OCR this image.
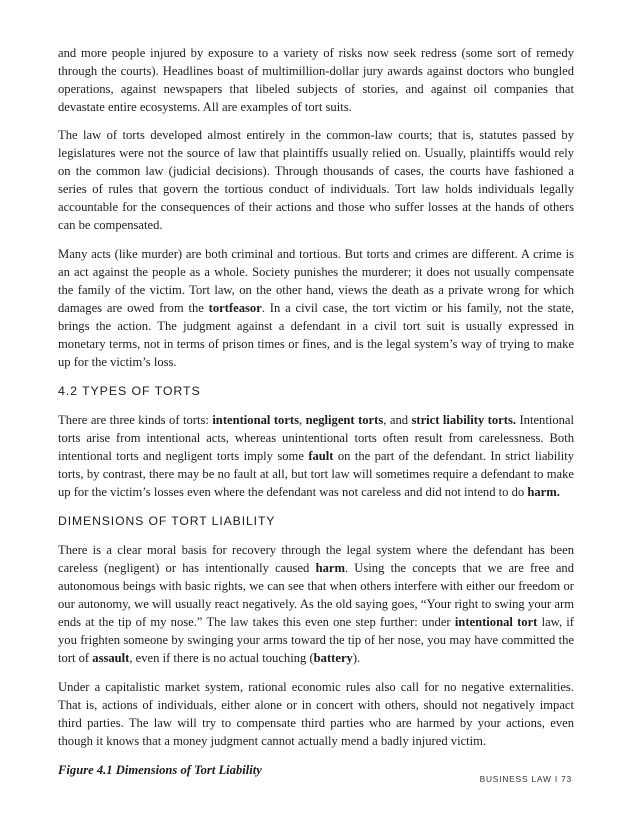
and more people injured by exposure to a variety of risks now seek redress (some sort of remedy through the courts). Headlines boast of multimillion-dollar jury awards against doctors who bungled operations, against newspapers that libeled subjects of stories, and against oil companies that devastate entire ecosystems. All are examples of tort suits.

The law of torts developed almost entirely in the common-law courts; that is, statutes passed by legislatures were not the source of law that plaintiffs usually relied on. Usually, plaintiffs would rely on the common law (judicial decisions). Through thousands of cases, the courts have fashioned a series of rules that govern the tortious conduct of individuals. Tort law holds individuals legally accountable for the consequences of their actions and those who suffer losses at the hands of others can be compensated.

Many acts (like murder) are both criminal and tortious. But torts and crimes are different. A crime is an act against the people as a whole. Society punishes the murderer; it does not usually compensate the family of the victim. Tort law, on the other hand, views the death as a private wrong for which damages are owed from the tortfeasor. In a civil case, the tort victim or his family, not the state, brings the action. The judgment against a defendant in a civil tort suit is usually expressed in monetary terms, not in terms of prison times or fines, and is the legal system’s way of trying to make up for the victim’s loss.

4.2 TYPES OF TORTS

There are three kinds of torts: intentional torts, negligent torts, and strict liability torts. Intentional torts arise from intentional acts, whereas unintentional torts often result from carelessness. Both intentional torts and negligent torts imply some fault on the part of the defendant. In strict liability torts, by contrast, there may be no fault at all, but tort law will sometimes require a defendant to make up for the victim’s losses even where the defendant was not careless and did not intend to do harm.

DIMENSIONS OF TORT LIABILITY

There is a clear moral basis for recovery through the legal system where the defendant has been careless (negligent) or has intentionally caused harm. Using the concepts that we are free and autonomous beings with basic rights, we can see that when others interfere with either our freedom or our autonomy, we will usually react negatively. As the old saying goes, “Your right to swing your arm ends at the tip of my nose.” The law takes this even one step further: under intentional tort law, if you frighten someone by swinging your arms toward the tip of her nose, you may have committed the tort of assault, even if there is no actual touching (battery).

Under a capitalistic market system, rational economic rules also call for no negative externalities. That is, actions of individuals, either alone or in concert with others, should not negatively impact third parties. The law will try to compensate third parties who are harmed by your actions, even though it knows that a money judgment cannot actually mend a badly injured victim.

Figure 4.1 Dimensions of Tort Liability
BUSINESS LAW I 73
